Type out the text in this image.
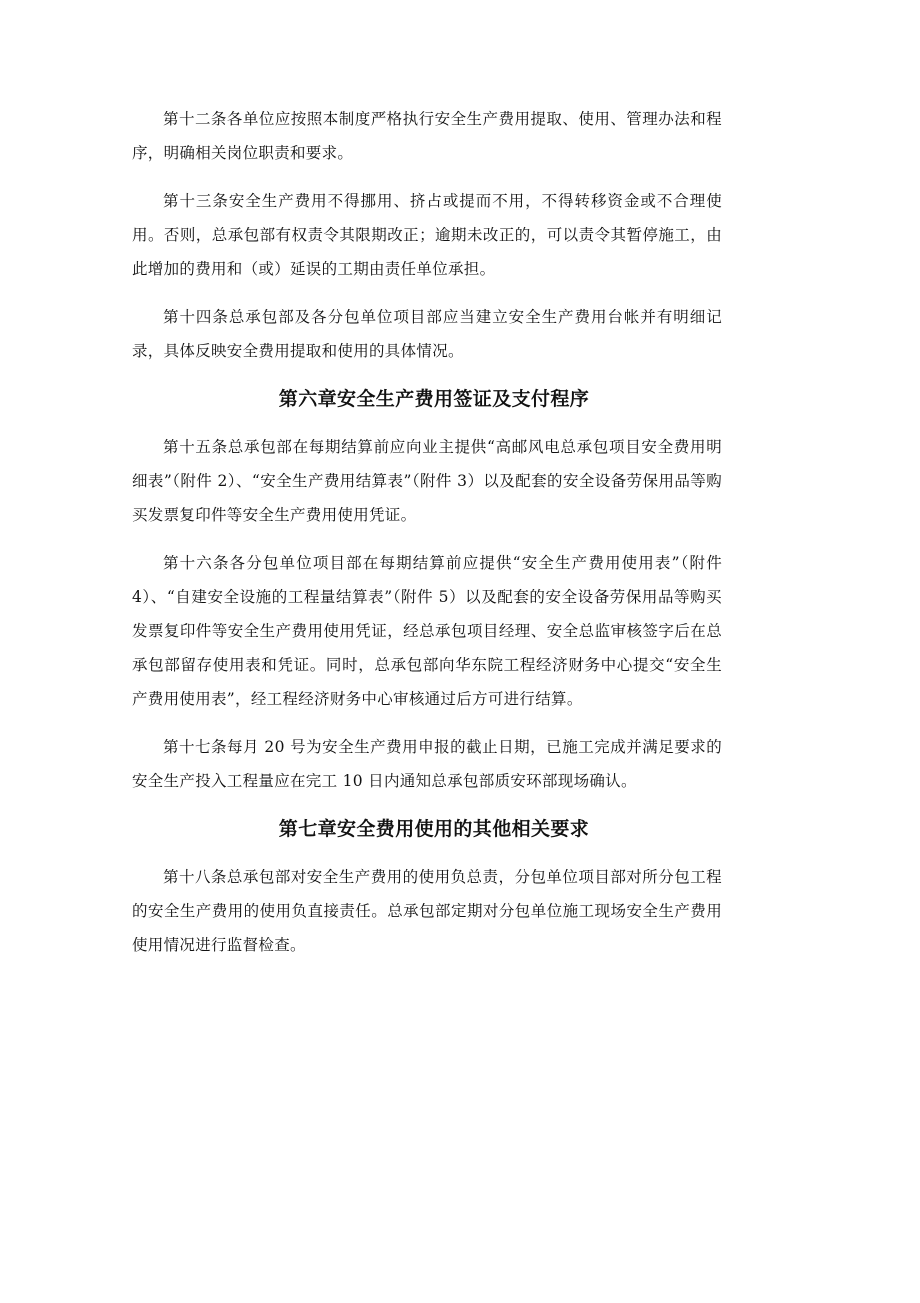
第十二条各单位应按照本制度严格执行安全生产费用提取、使用、管理办法和程序，明确相关岗位职责和要求。

第十三条安全生产费用不得挪用、挤占或提而不用，不得转移资金或不合理使用。否则，总承包部有权责令其限期改正；逾期未改正的，可以责令其暂停施工，由此增加的费用和（或）延误的工期由责任单位承担。

第十四条总承包部及各分包单位项目部应当建立安全生产费用台帐并有明细记录，具体反映安全费用提取和使用的具体情况。

第六章安全生产费用签证及支付程序

第十五条总承包部在每期结算前应向业主提供“高邮风电总承包项目安全费用明细表”（附件 2）、“安全生产费用结算表”（附件 3）以及配套的安全设备劳保用品等购买发票复印件等安全生产费用使用凭证。

第十六条各分包单位项目部在每期结算前应提供“安全生产费用使用表”（附件 4）、“自建安全设施的工程量结算表”（附件 5）以及配套的安全设备劳保用品等购买发票复印件等安全生产费用使用凭证，经总承包项目经理、安全总监审核签字后在总承包部留存使用表和凭证。同时，总承包部向华东院工程经济财务中心提交“安全生产费用使用表”，经工程经济财务中心审核通过后方可进行结算。

第十七条每月 20 号为安全生产费用申报的截止日期，已施工完成并满足要求的安全生产投入工程量应在完工 10 日内通知总承包部质安环部现场确认。

第七章安全费用使用的其他相关要求

第十八条总承包部对安全生产费用的使用负总责，分包单位项目部对所分包工程的安全生产费用的使用负直接责任。总承包部定期对分包单位施工现场安全生产费用使用情况进行监督检查。
